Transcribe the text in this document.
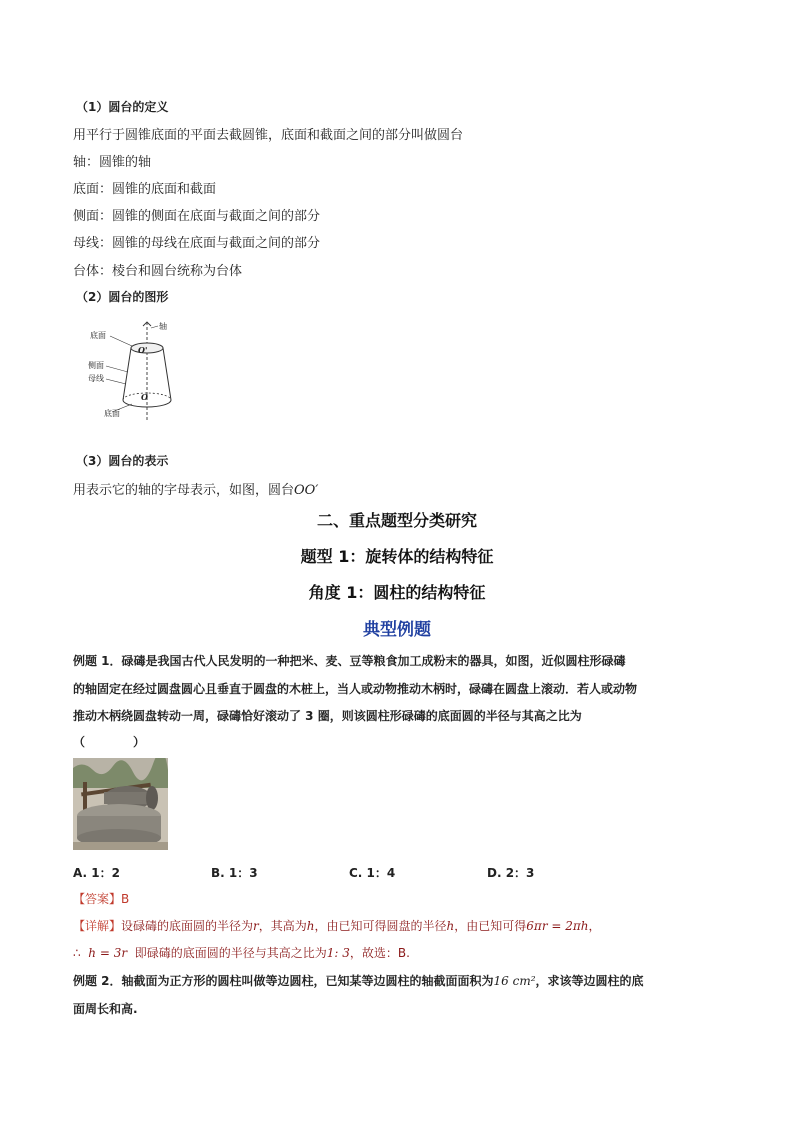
（1）圆台的定义
用平行于圆锥底面的平面去截圆锥，底面和截面之间的部分叫做圆台
轴：圆锥的轴
底面：圆锥的底面和截面
侧面：圆锥的侧面在底面与截面之间的部分
母线：圆锥的母线在底面与截面之间的部分
台体：棱台和圆台统称为台体
（2）圆台的图形
底面
轴
侧面
母线
底面
O'
O
（3）圆台的表示
用表示它的轴的字母表示，如图，圆台OO′
二、重点题型分类研究
题型 1：旋转体的结构特征
角度 1：圆柱的结构特征
典型例题
例题 1．碌碡是我国古代人民发明的一种把米、麦、豆等粮食加工成粉末的器具，如图，近似圆柱形碌碡
的轴固定在经过圆盘圆心且垂直于圆盘的木桩上，当人或动物推动木柄时，碌碡在圆盘上滚动．若人或动物
推动木柄绕圆盘转动一周，碌碡恰好滚动了 3 圈，则该圆柱形碌碡的底面圆的半径与其高之比为
（　　　　）
A. 1：2	B. 1：3	C. 1：4	D. 2：3
【答案】B
【详解】设碌碡的底面圆的半径为r，其高为h，由已知可得圆盘的半径h，由已知可得6πr = 2πh，
∴ h = 3r 即碌碡的底面圆的半径与其高之比为1: 3，故选：B.
例题 2．轴截面为正方形的圆柱叫做等边圆柱，已知某等边圆柱的轴截面面积为16 cm²，求该等边圆柱的底
面周长和高.
